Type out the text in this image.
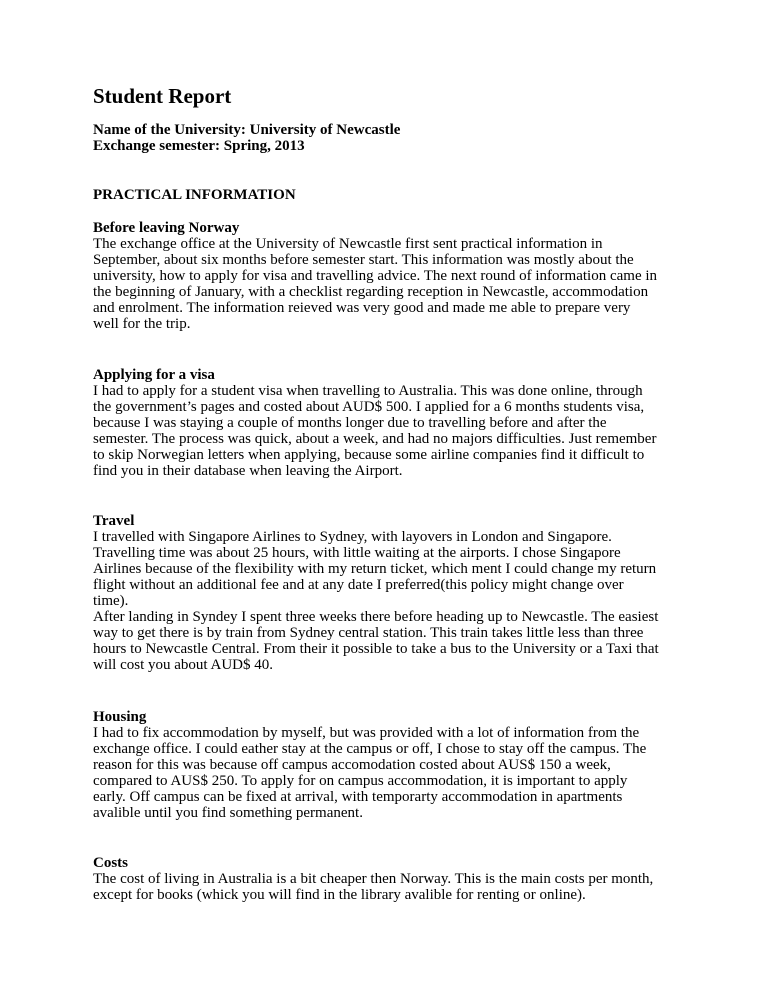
Student Report
Name of the University: University of Newcastle
Exchange semester: Spring, 2013
PRACTICAL INFORMATION
Before leaving Norway
The exchange office at the University of Newcastle first sent practical information in
September, about six months before semester start. This information was mostly about the
university, how to apply for visa and travelling advice. The next round of information came in
the beginning of January, with a checklist regarding reception in Newcastle, accommodation
and enrolment. The information reieved was very good and made me able to prepare very
well for the trip.
Applying for a visa
I had to apply for a student visa when travelling to Australia. This was done online, through
the government’s pages and costed about AUD$ 500. I applied for a 6 months students visa,
because I was staying a couple of months longer due to travelling before and after the
semester. The process was quick, about a week, and had no majors difficulties. Just remember
to skip Norwegian letters when applying, because some airline companies find it difficult to
find you in their database when leaving the Airport.
Travel
I travelled with Singapore Airlines to Sydney, with layovers in London and Singapore.
Travelling time was about 25 hours, with little waiting at the airports. I chose Singapore
Airlines because of the flexibility with my return ticket, which ment I could change my return
flight without an additional fee and at any date I preferred(this policy might change over
time).
After landing in Syndey I spent three weeks there before heading up to Newcastle. The easiest
way to get there is by train from Sydney central station. This train takes little less than three
hours to Newcastle Central. From their it possible to take a bus to the University or a Taxi that
will cost you about AUD$ 40.
Housing
I had to fix accommodation by myself, but was provided with a lot of information from the
exchange office. I could eather stay at the campus or off, I chose to stay off the campus. The
reason for this was because off campus accomodation costed about AUS$ 150 a week,
compared to AUS$ 250. To apply for on campus accommodation, it is important to apply
early. Off campus can be fixed at arrival, with temporarty accommodation in apartments
avalible until you find something permanent.
Costs
The cost of living in Australia is a bit cheaper then Norway. This is the main costs per month,
except for books (whick you will find in the library avalible for renting or online).
